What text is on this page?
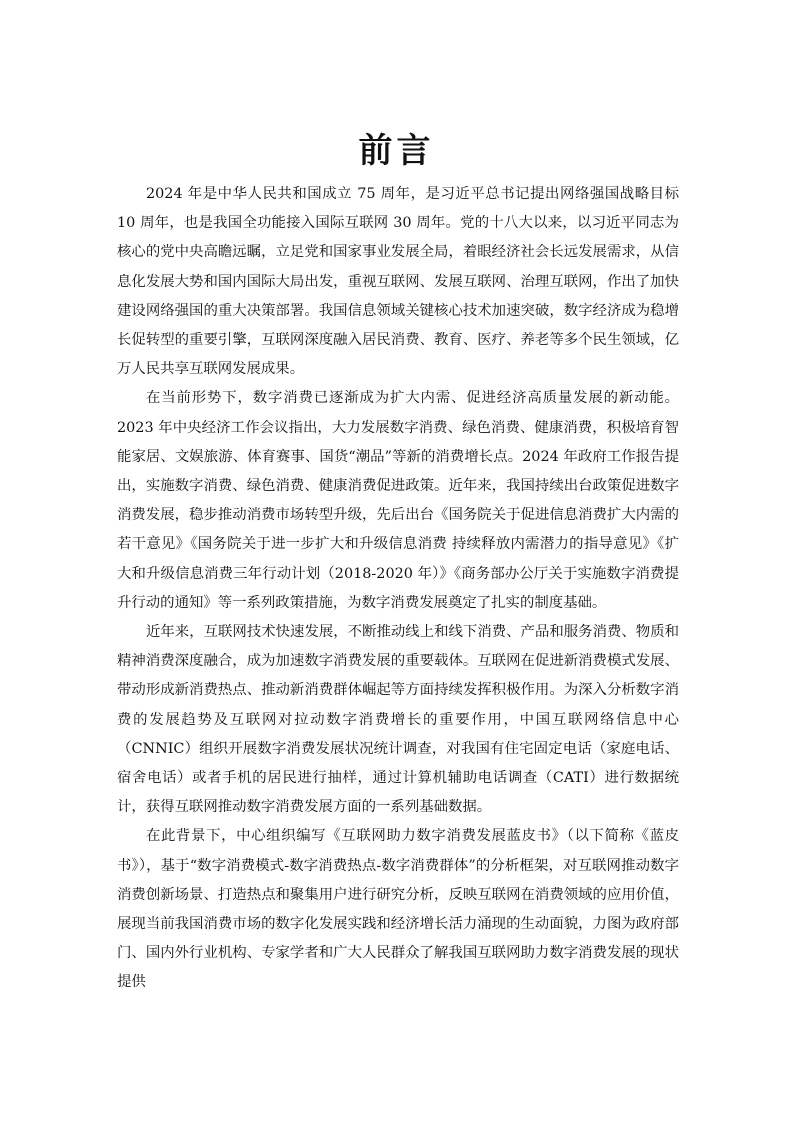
前言

2024 年是中华人民共和国成立 75 周年，是习近平总书记提出网络强国战略目标 10 周年，也是我国全功能接入国际互联网 30 周年。党的十八大以来，以习近平同志为核心的党中央高瞻远瞩，立足党和国家事业发展全局，着眼经济社会长远发展需求，从信息化发展大势和国内国际大局出发，重视互联网、发展互联网、治理互联网，作出了加快建设网络强国的重大决策部署。我国信息领域关键核心技术加速突破，数字经济成为稳增长促转型的重要引擎，互联网深度融入居民消费、教育、医疗、养老等多个民生领域，亿万人民共享互联网发展成果。

在当前形势下，数字消费已逐渐成为扩大内需、促进经济高质量发展的新动能。2023 年中央经济工作会议指出，大力发展数字消费、绿色消费、健康消费，积极培育智能家居、文娱旅游、体育赛事、国货“潮品”等新的消费增长点。2024 年政府工作报告提出，实施数字消费、绿色消费、健康消费促进政策。近年来，我国持续出台政策促进数字消费发展，稳步推动消费市场转型升级，先后出台《国务院关于促进信息消费扩大内需的若干意见》《国务院关于进一步扩大和升级信息消费 持续释放内需潜力的指导意见》《扩大和升级信息消费三年行动计划（2018-2020 年）》《商务部办公厅关于实施数字消费提升行动的通知》等一系列政策措施，为数字消费发展奠定了扎实的制度基础。

近年来，互联网技术快速发展，不断推动线上和线下消费、产品和服务消费、物质和精神消费深度融合，成为加速数字消费发展的重要载体。互联网在促进新消费模式发展、带动形成新消费热点、推动新消费群体崛起等方面持续发挥积极作用。为深入分析数字消费的发展趋势及互联网对拉动数字消费增长的重要作用，中国互联网络信息中心（CNNIC）组织开展数字消费发展状况统计调查，对我国有住宅固定电话（家庭电话、宿舍电话）或者手机的居民进行抽样，通过计算机辅助电话调查（CATI）进行数据统计，获得互联网推动数字消费发展方面的一系列基础数据。

在此背景下，中心组织编写《互联网助力数字消费发展蓝皮书》（以下简称《蓝皮书》），基于“数字消费模式-数字消费热点-数字消费群体”的分析框架，对互联网推动数字消费创新场景、打造热点和聚集用户进行研究分析，反映互联网在消费领域的应用价值，展现当前我国消费市场的数字化发展实践和经济增长活力涌现的生动面貌，力图为政府部门、国内外行业机构、专家学者和广大人民群众了解我国互联网助力数字消费发展的现状提供
